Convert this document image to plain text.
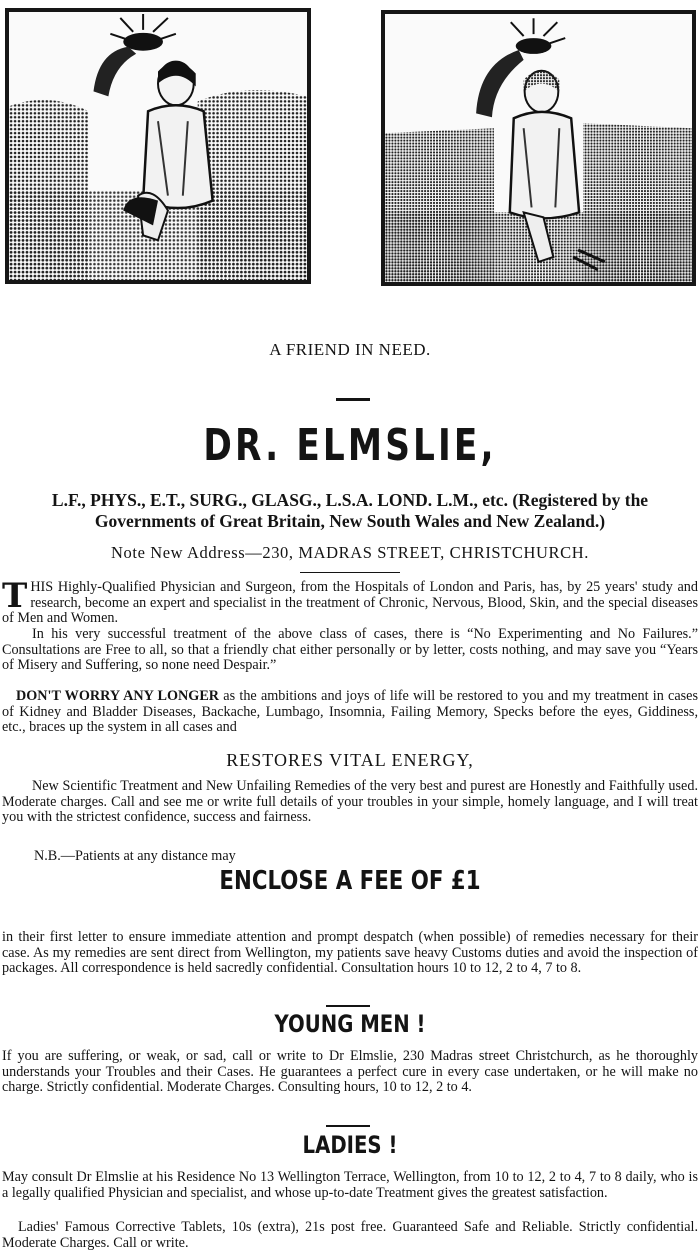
A FRIEND IN NEED.
DR. ELMSLIE,
L.F., PHYS., E.T., SURG., GLASG., L.S.A. LOND. L.M., etc. (Registered by the Governments of Great Britain, New South Wales and New Zealand.)
Note New Address—230, MADRAS STREET, CHRISTCHURCH.

THIS Highly-Qualified Physician and Surgeon, from the Hospitals of London and Paris, has, by 25 years' study and research, become an expert and specialist in the treatment of Chronic, Nervous, Blood, Skin, and the special diseases of Men and Women.

In his very successful treatment of the above class of cases, there is “No Experimenting and No Failures.” Consultations are Free to all, so that a friendly chat either personally or by letter, costs nothing, and may save you “Years of Misery and Suffering, so none need Despair.”

DON'T WORRY ANY LONGER as the ambitions and joys of life will be restored to you and my treatment in cases of Kidney and Bladder Diseases, Backache, Lumbago, Insomnia, Failing Memory, Specks before the eyes, Giddiness, etc., braces up the system in all cases and

RESTORES VITAL ENERGY,

New Scientific Treatment and New Unfailing Remedies of the very best and purest are Honestly and Faithfully used. Moderate charges. Call and see me or write full details of your troubles in your simple, homely language, and I will treat you with the strictest confidence, success and fairness.

N.B.—Patients at any distance may

ENCLOSE A FEE OF £1

in their first letter to ensure immediate attention and prompt despatch (when possible) of remedies necessary for their case. As my remedies are sent direct from Wellington, my patients save heavy Customs duties and avoid the inspection of packages. All correspondence is held sacredly confidential. Consultation hours 10 to 12, 2 to 4, 7 to 8.

YOUNG MEN !

If you are suffering, or weak, or sad, call or write to Dr Elmslie, 230 Madras street Christchurch, as he thoroughly understands your Troubles and their Cases. He guarantees a perfect cure in every case undertaken, or he will make no charge. Strictly confidential. Moderate Charges. Consulting hours, 10 to 12, 2 to 4.

LADIES !

May consult Dr Elmslie at his Residence No 13 Wellington Terrace, Wellington, from 10 to 12, 2 to 4, 7 to 8 daily, who is a legally qualified Physician and specialist, and whose up-to-date Treatment gives the greatest satisfaction.

Ladies' Famous Corrective Tablets, 10s (extra), 21s post free. Guaranteed Safe and Reliable. Strictly confidential. Moderate Charges. Call or write.
